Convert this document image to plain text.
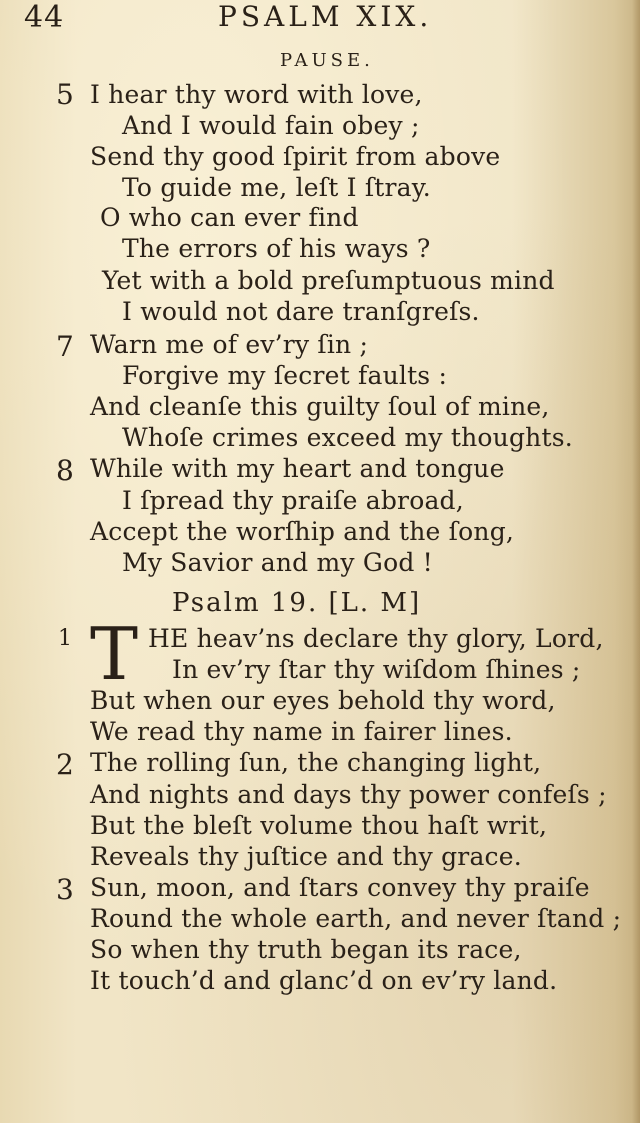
44	PSALM XIX.
PAUSE.
5 I hear thy word with love,
And I would fain obey ;
Send thy good ſpirit from above
To guide me, leſt I ſtray.
O who can ever find
The errors of his ways ?
Yet with a bold preſumptuous mind
I would not dare tranſgreſs.
7 Warn me of ev’ry ſin ;
Forgive my ſecret faults :
And cleanſe this guilty ſoul of mine,
Whoſe crimes exceed my thoughts.
8 While with my heart and tongue
I ſpread thy praiſe abroad,
Accept the worſhip and the ſong,
My Savior and my God !
Psalm 19. [L. M]
1 T HE heav’ns declare thy glory, Lord,
In ev’ry ſtar thy wiſdom ſhines ;
But when our eyes behold thy word,
We read thy name in fairer lines.
2 The rolling ſun, the changing light,
And nights and days thy power confeſs ;
But the bleſt volume thou haſt writ,
Reveals thy juſtice and thy grace.
3 Sun, moon, and ſtars convey thy praiſe
Round the whole earth, and never ſtand ;
So when thy truth began its race,
It touch’d and glanc’d on ev’ry land.
